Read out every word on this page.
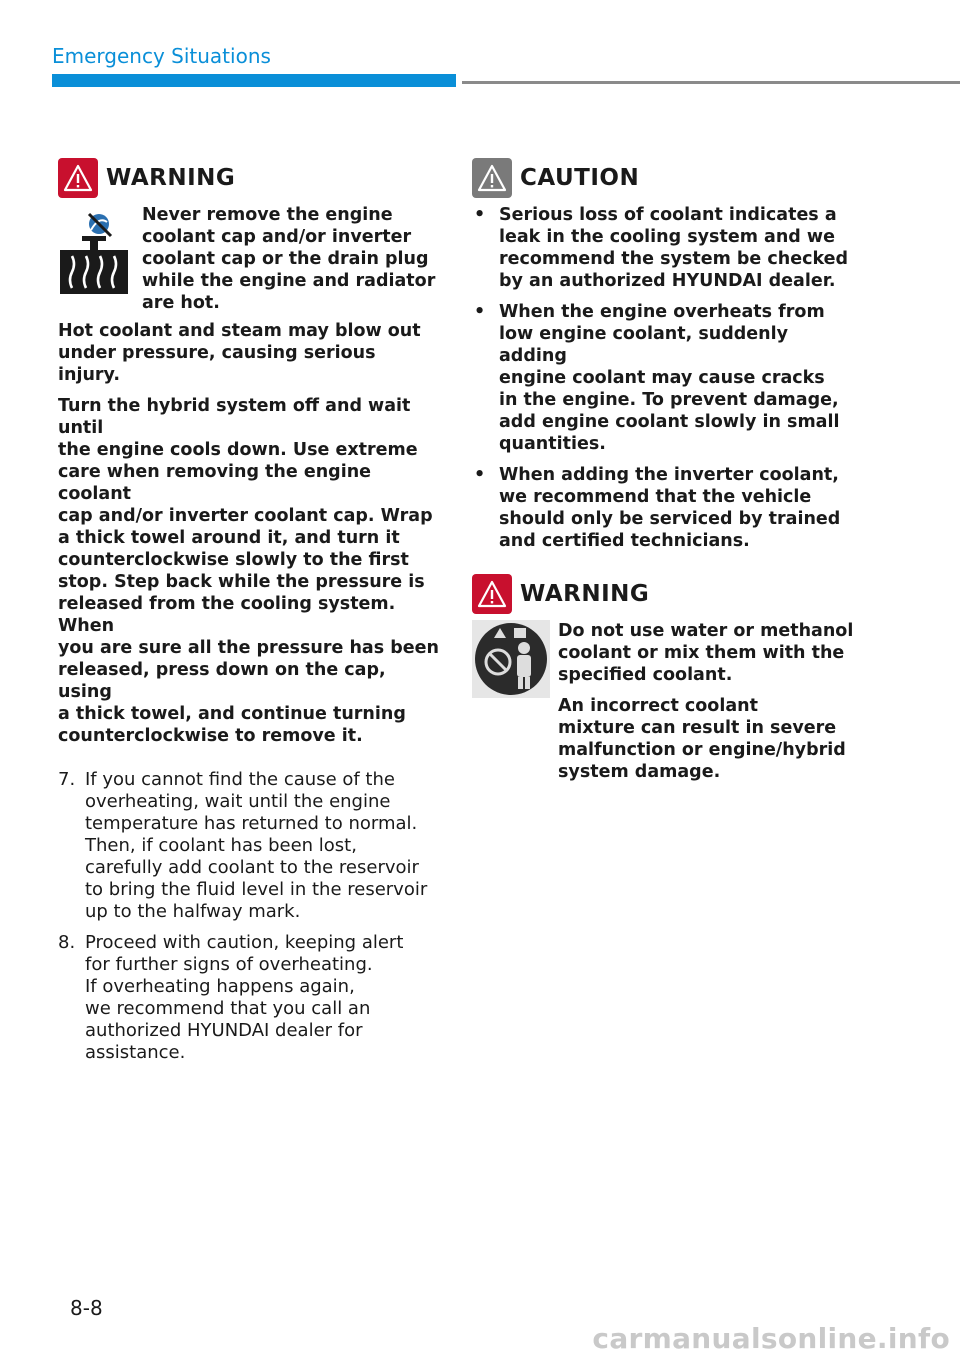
Emergency Situations
WARNING
Never remove the engine
coolant cap and/or inverter
coolant cap or the drain plug
while the engine and radiator
are hot.
Hot coolant and steam may blow out
under pressure, causing serious injury.
Turn the hybrid system off and wait until
the engine cools down. Use extreme
care when removing the engine coolant
cap and/or inverter coolant cap. Wrap
a thick towel around it, and turn it
counterclockwise slowly to the first
stop. Step back while the pressure is
released from the cooling system. When
you are sure all the pressure has been
released, press down on the cap, using
a thick towel, and continue turning
counterclockwise to remove it.
7. If you cannot find the cause of the
overheating, wait until the engine
temperature has returned to normal.
Then, if coolant has been lost,
carefully add coolant to the reservoir
to bring the fluid level in the reservoir
up to the halfway mark.
8. Proceed with caution, keeping alert
for further signs of overheating.
If overheating happens again,
we recommend that you call an
authorized HYUNDAI dealer for
assistance.
CAUTION
• Serious loss of coolant indicates a
leak in the cooling system and we
recommend the system be checked
by an authorized HYUNDAI dealer.
• When the engine overheats from
low engine coolant, suddenly adding
engine coolant may cause cracks
in the engine. To prevent damage,
add engine coolant slowly in small
quantities.
• When adding the inverter coolant,
we recommend that the vehicle
should only be serviced by trained
and certified technicians.
WARNING
Do not use water or methanol
coolant or mix them with the
specified coolant.
An incorrect coolant
mixture can result in severe
malfunction or engine/hybrid
system damage.
8-8
carmanualsonline.info
